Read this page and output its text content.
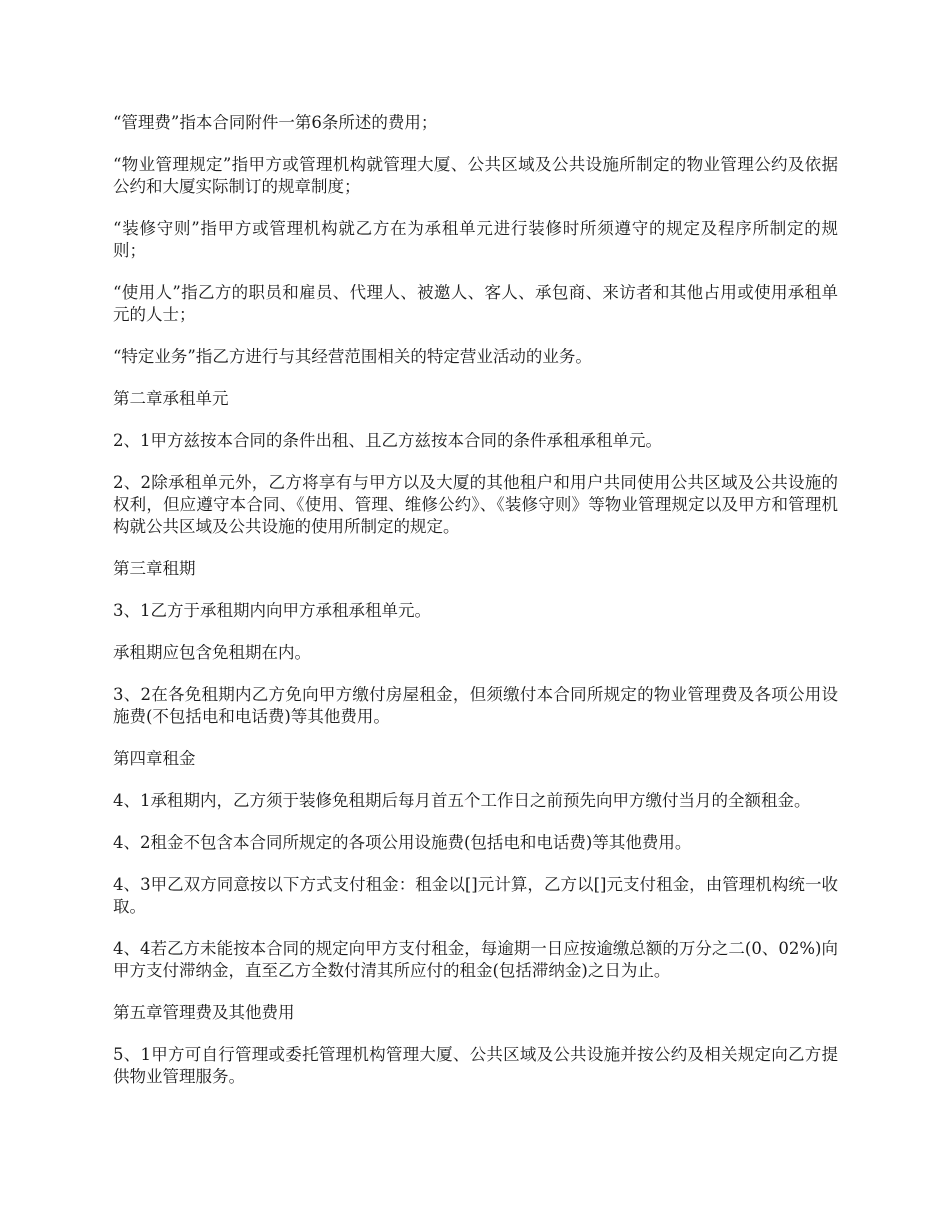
“管理费”指本合同附件一第6条所述的费用；

“物业管理规定”指甲方或管理机构就管理大厦、公共区域及公共设施所制定的物业管理公约及依据公约和大厦实际制订的规章制度；

“装修守则”指甲方或管理机构就乙方在为承租单元进行装修时所须遵守的规定及程序所制定的规则；

“使用人”指乙方的职员和雇员、代理人、被邀人、客人、承包商、来访者和其他占用或使用承租单元的人士；

“特定业务”指乙方进行与其经营范围相关的特定营业活动的业务。

第二章承租单元

2、1甲方兹按本合同的条件出租、且乙方兹按本合同的条件承租承租单元。

2、2除承租单元外，乙方将享有与甲方以及大厦的其他租户和用户共同使用公共区域及公共设施的权利，但应遵守本合同、《使用、管理、维修公约》、《装修守则》等物业管理规定以及甲方和管理机构就公共区域及公共设施的使用所制定的规定。

第三章租期

3、1乙方于承租期内向甲方承租承租单元。

承租期应包含免租期在内。

3、2在各免租期内乙方免向甲方缴付房屋租金，但须缴付本合同所规定的物业管理费及各项公用设施费(不包括电和电话费)等其他费用。

第四章租金

4、1承租期内，乙方须于装修免租期后每月首五个工作日之前预先向甲方缴付当月的全额租金。

4、2租金不包含本合同所规定的各项公用设施费(包括电和电话费)等其他费用。

4、3甲乙双方同意按以下方式支付租金：租金以[]元计算，乙方以[]元支付租金，由管理机构统一收取。

4、4若乙方未能按本合同的规定向甲方支付租金，每逾期一日应按逾缴总额的万分之二(0、02%)向甲方支付滞纳金，直至乙方全数付清其所应付的租金(包括滞纳金)之日为止。

第五章管理费及其他费用

5、1甲方可自行管理或委托管理机构管理大厦、公共区域及公共设施并按公约及相关规定向乙方提供物业管理服务。
